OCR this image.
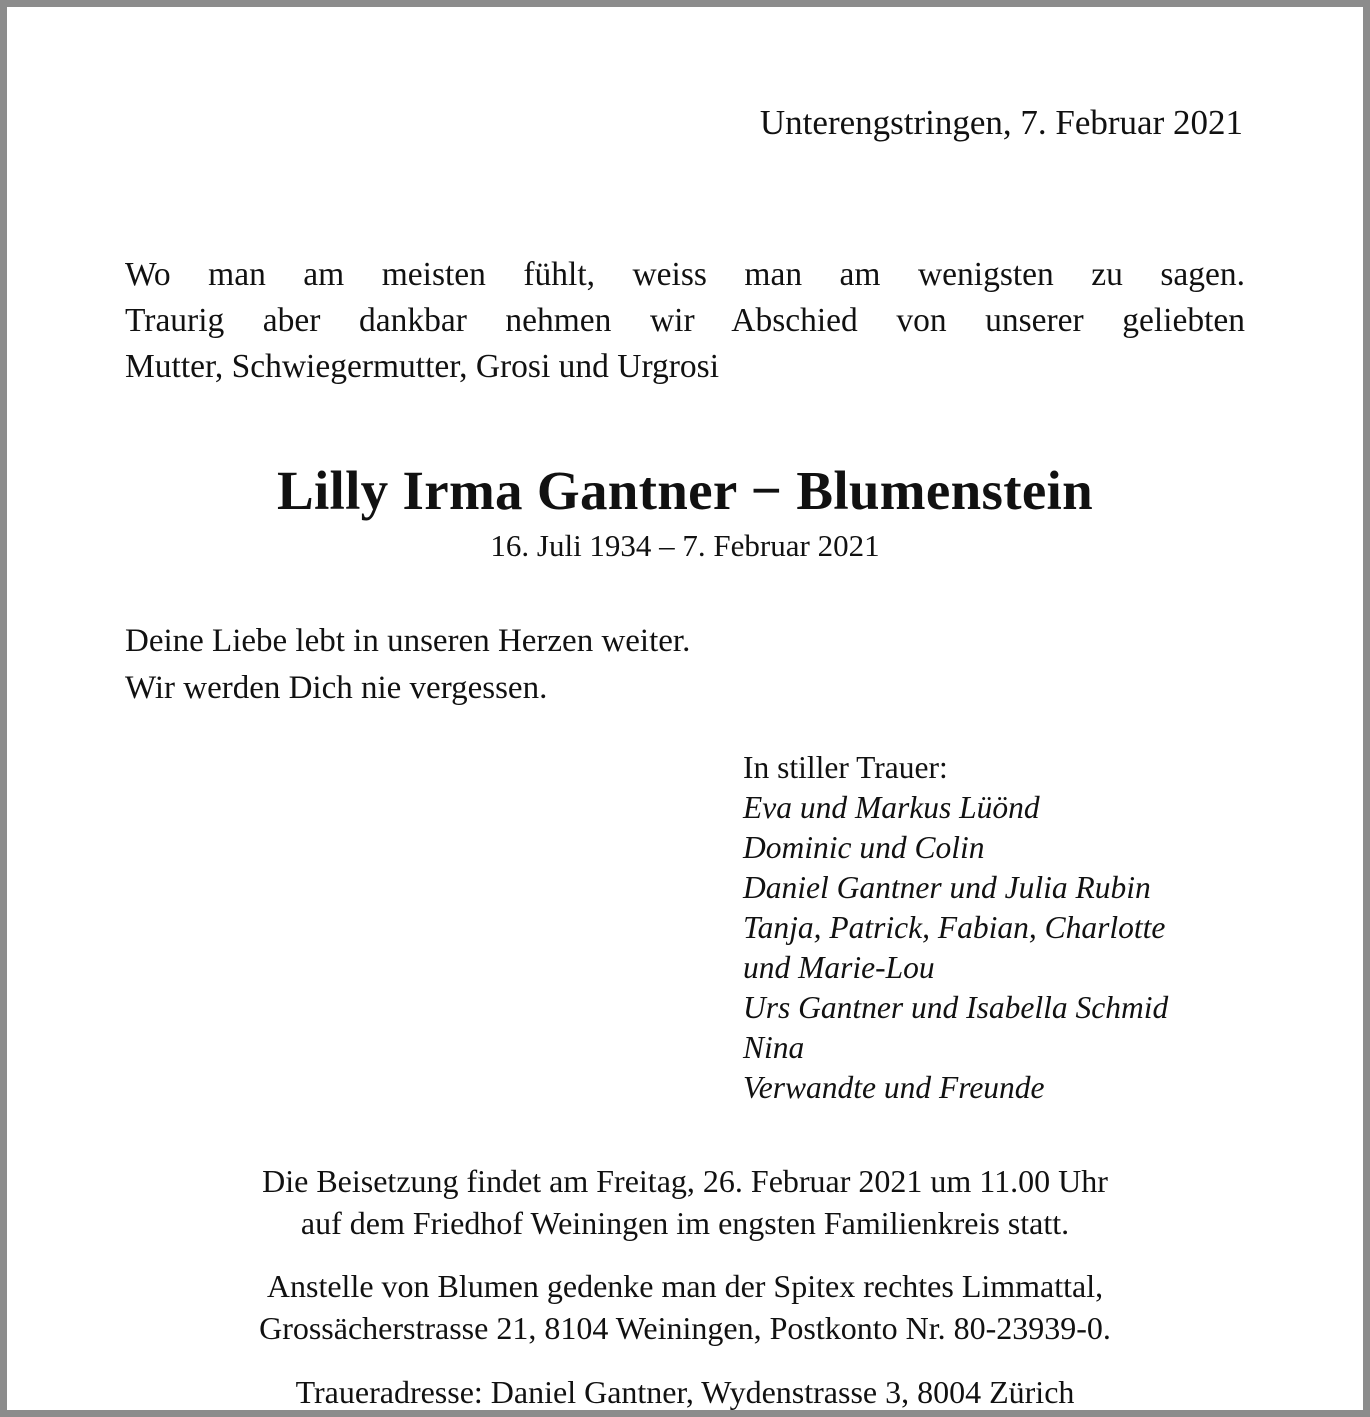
Unterengstringen, 7. Februar 2021
Wo man am meisten fühlt, weiss man am wenigsten zu sagen.
Traurig aber dankbar nehmen wir Abschied von unserer geliebten
Mutter, Schwiegermutter, Grosi und Urgrosi
Lilly Irma Gantner − Blumenstein
16. Juli 1934 – 7. Februar 2021
Deine Liebe lebt in unseren Herzen weiter.
Wir werden Dich nie vergessen.
In stiller Trauer:
Eva und Markus Lüönd
Dominic und Colin
Daniel Gantner und Julia Rubin
Tanja, Patrick, Fabian, Charlotte
und Marie-Lou
Urs Gantner und Isabella Schmid
Nina
Verwandte und Freunde
Die Beisetzung findet am Freitag, 26. Februar 2021 um 11.00 Uhr
auf dem Friedhof Weiningen im engsten Familienkreis statt.
Anstelle von Blumen gedenke man der Spitex rechtes Limmattal,
Grossächerstrasse 21, 8104 Weiningen, Postkonto Nr. 80-23939-0.
Traueradresse: Daniel Gantner, Wydenstrasse 3, 8004 Zürich
